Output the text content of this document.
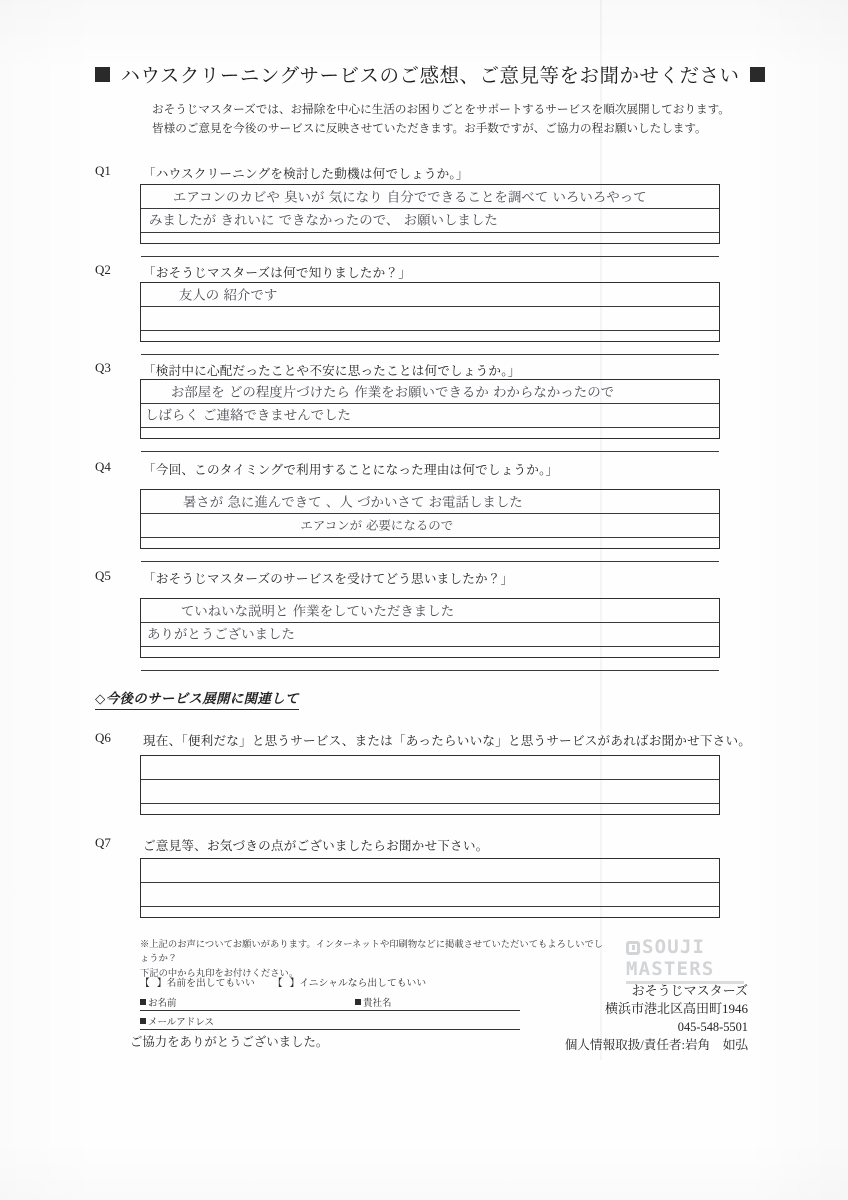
ハウスクリーニングサービスのご感想、ご意見等をお聞かせください
おそうじマスターズでは、お掃除を中心に生活のお困りごとをサポートするサービスを順次展開しております。
皆様のご意見を今後のサービスに反映させていただきます。お手数ですが、ご協力の程お願いしたします。
Q1	「ハウスクリーニングを検討した動機は何でしょうか。」
エアコンのカビや 臭いが 気になり 自分でできることを調べて いろいろやって
みましたが きれいに できなかったので、 お願いしました
Q2	「おそうじマスターズは何で知りましたか？」
友人の 紹介です
Q3	「検討中に心配だったことや不安に思ったことは何でしょうか。」
お部屋を どの程度片づけたら 作業をお願いできるか わからなかったので
しばらく ご連絡できませんでした
Q4	「今回、このタイミングで利用することになった理由は何でしょうか。」
暑さが 急に進んできて 、人 づかいさて お電話しました
エアコンが 必要になるので
Q5	「おそうじマスターズのサービスを受けてどう思いましたか？」
ていねいな説明と 作業をしていただきました
ありがとうございました
◇今後のサービス展開に関連して
Q6	現在、「便利だな」と思うサービス、または「あったらいいな」と思うサービスがあればお聞かせ下さい。
Q7	ご意見等、お気づきの点がございましたらお聞かせ下さい。
※上記のお声についてお願いがあります。インターネットや印刷物などに掲載させていただいてもよろしいでしょうか？
下記の中から丸印をお付けください。
【】名前を出してもいい 【】イニシャルなら出してもいい
お名前	貴社名
メールアドレス
ご協力をありがとうございました。
SOUJI
MASTERS
おそうじマスターズ
横浜市港北区高田町1946
045-548-5501
個人情報取扱/責任者:岩角　如弘
